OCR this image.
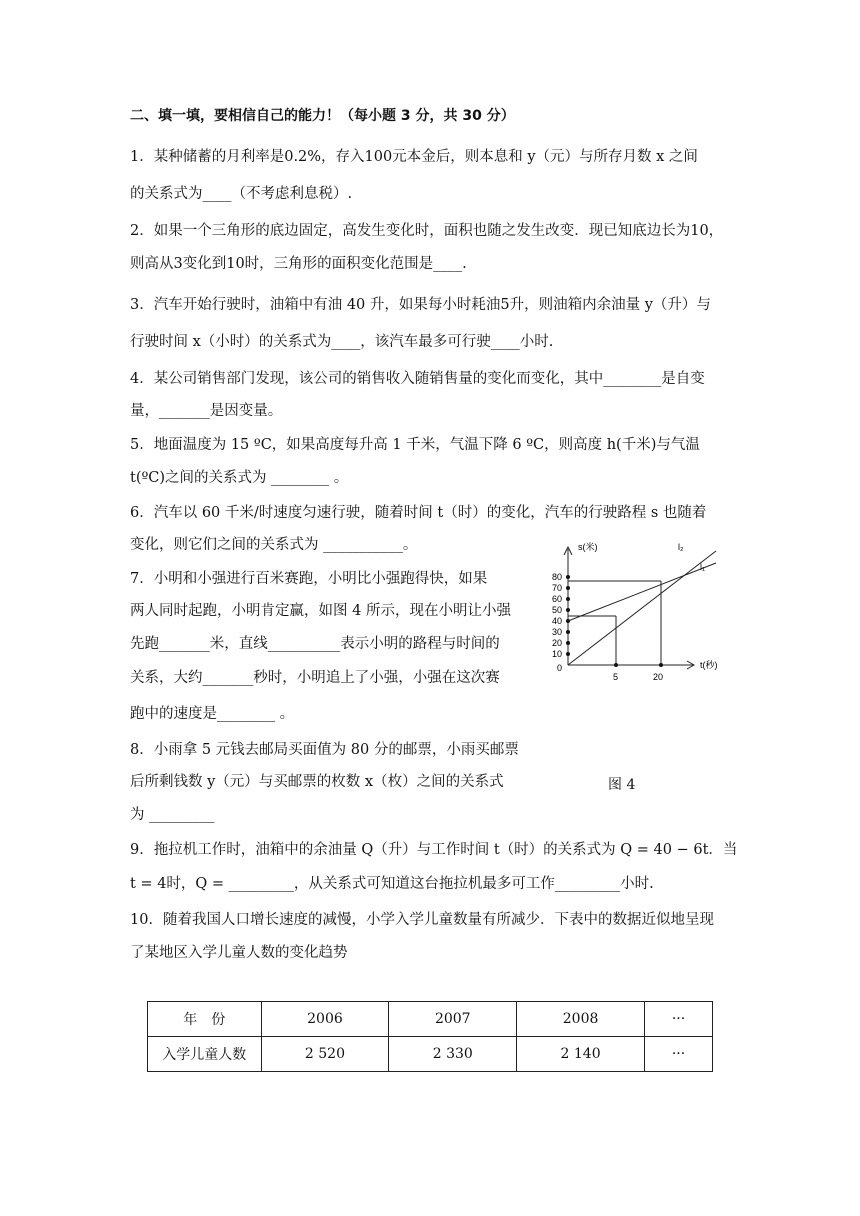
二、填一填，要相信自己的能力！（每小题 3 分，共 30 分）
1．某种储蓄的月利率是0.2%，存入100元本金后，则本息和 y（元）与所存月数 x 之间
的关系式为____（不考虑利息税）.
2．如果一个三角形的底边固定，高发生变化时，面积也随之发生改变．现已知底边长为10，
则高从3变化到10时，三角形的面积变化范围是____.
3．汽车开始行驶时，油箱中有油 40 升，如果每小时耗油5升，则油箱内余油量 y（升）与
行驶时间 x（小时）的关系式为____，该汽车最多可行驶____小时.
4．某公司销售部门发现，该公司的销售收入随销售量的变化而变化，其中________是自变
量，_______是因变量。
5．地面温度为 15 ºC，如果高度每升高 1 千米，气温下降 6 ºC，则高度 h(千米)与气温
t(ºC)之间的关系式为 ________ 。
6．汽车以 60 千米/时速度匀速行驶，随着时间 t（时）的变化，汽车的行驶路程 s 也随着
变化，则它们之间的关系式为 ___________。
7．小明和小强进行百米赛跑，小明比小强跑得快，如果
两人同时起跑，小明肯定赢，如图 4 所示，现在小明让小强
先跑_______米，直线__________表示小明的路程与时间的
关系，大约_______秒时，小明追上了小强，小强在这次赛
跑中的速度是________ 。
8．小雨拿 5 元钱去邮局买面值为 80 分的邮票，小雨买邮票
后所剩钱数 y（元）与买邮票的枚数 x（枚）之间的关系式
为 _________
9．拖拉机工作时，油箱中的余油量 Q（升）与工作时间 t（时）的关系式为 Q = 40 − 6t．当
t = 4时，Q = _________，从关系式可知道这台拖拉机最多可工作_________小时.
10．随着我国人口增长速度的减慢，小学入学儿童数量有所减少．下表中的数据近似地呈现
了某地区入学儿童人数的变化趋势
10
20
30
40
50
60
70
80
0
5	20
s(米)
t(秒)
l₂
l₁
图 4
年　份	2006	2007	2008	···
入学儿童人数	2 520	2 330	2 140	···
